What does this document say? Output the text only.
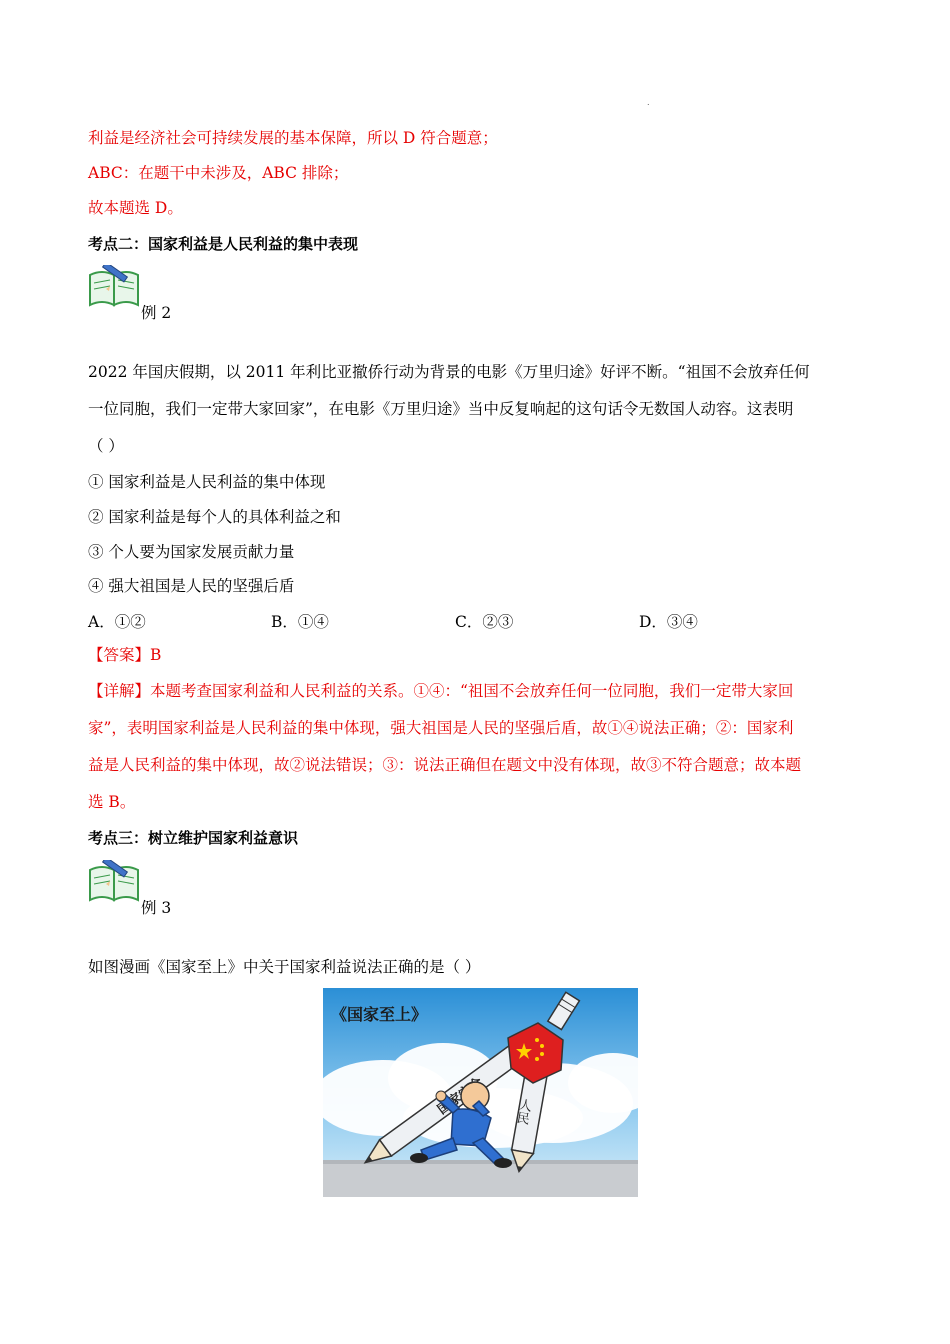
.
利益是经济社会可持续发展的基本保障，所以 D 符合题意；
ABC：在题干中未涉及，ABC 排除；
故本题选 D。
考点二：国家利益是人民利益的集中表现
例 2
2022 年国庆假期，以 2011 年利比亚撤侨行动为背景的电影《万里归途》好评不断。“祖国不会放弃任何
一位同胞，我们一定带大家回家”，在电影《万里归途》当中反复响起的这句话令无数国人动容。这表明
（ ）
① 国家利益是人民利益的集中体现
② 国家利益是每个人的具体利益之和
③ 个人要为国家发展贡献力量
④ 强大祖国是人民的坚强后盾
A．①②	B．①④	C．②③	D．③④
【答案】B
【详解】本题考查国家利益和人民利益的关系。①④：“祖国不会放弃任何一位同胞，我们一定带大家回
家”，表明国家利益是人民利益的集中体现，强大祖国是人民的坚强后盾，故①④说法正确；②：国家利
益是人民利益的集中体现，故②说法错误；③：说法正确但在题文中没有体现，故③不符合题意；故本题
选 B。
考点三：树立维护国家利益意识
例 3
如图漫画《国家至上》中关于国家利益说法正确的是（ ）
《国家至上》
人民
